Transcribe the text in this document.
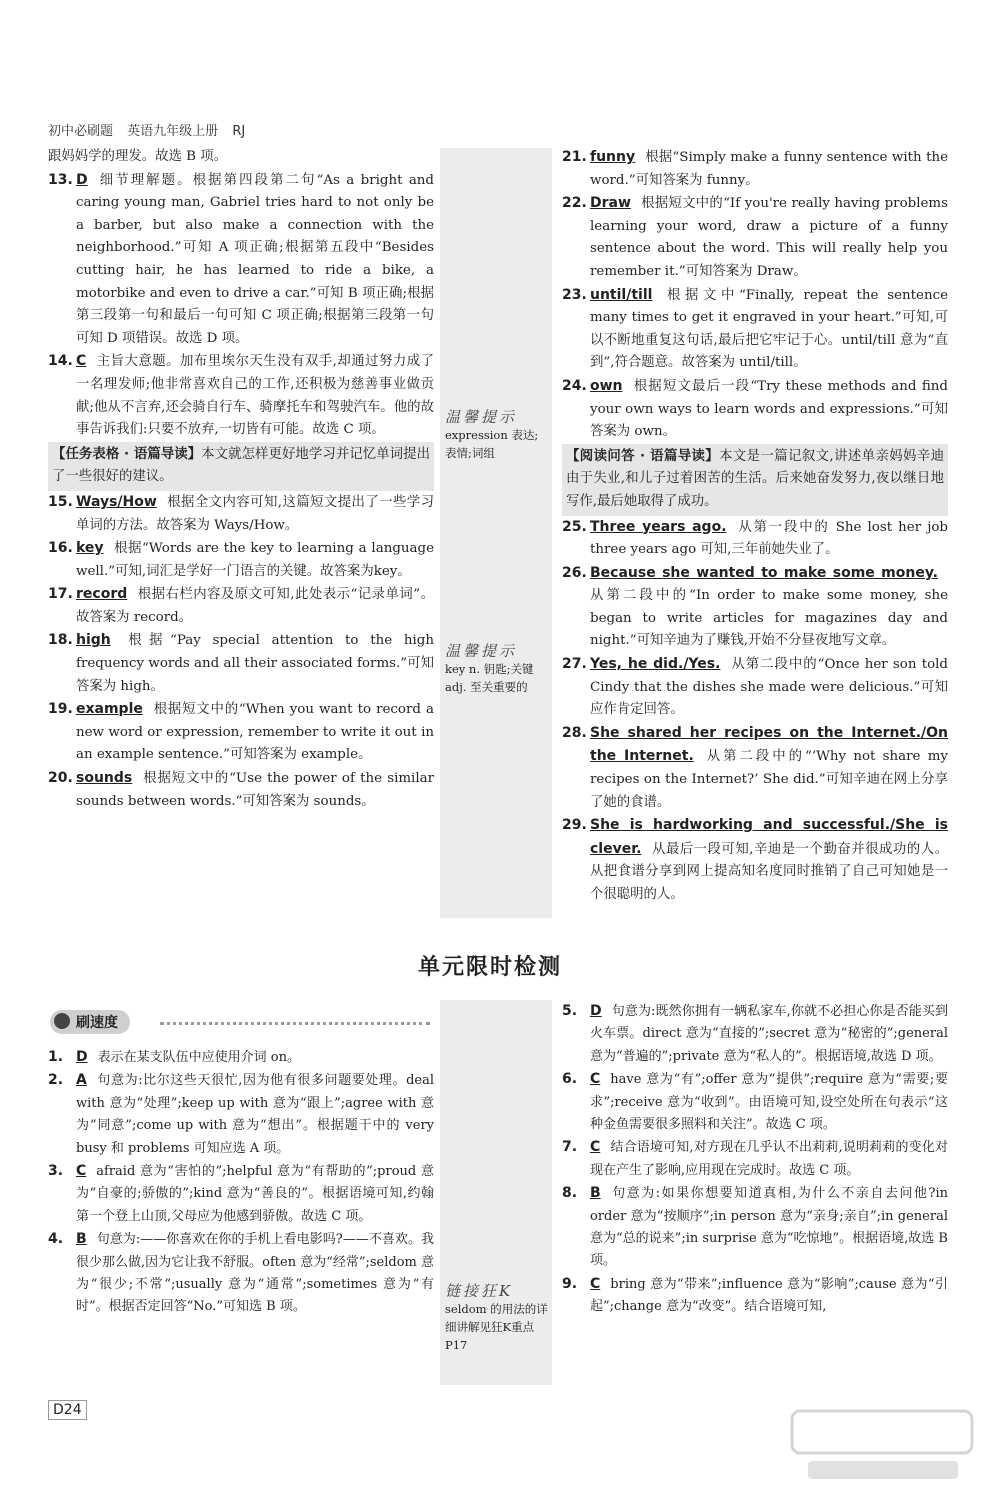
初中必刷题 英语九年级上册 RJ

跟妈妈学的理发。故选 B 项。

13. D 细节理解题。根据第四段第二句“As a bright and caring young man, Gabriel tries hard to not only be a barber, but also make a connection with the neighborhood.”可知 A 项正确;根据第五段中“Besides cutting hair, he has learned to ride a bike, a motorbike and even to drive a car.”可知 B 项正确;根据第三段第一句和最后一句可知 C 项正确;根据第三段第一句可知 D 项错误。故选 D 项。

14. C 主旨大意题。加布里埃尔天生没有双手,却通过努力成了一名理发师;他非常喜欢自己的工作,还积极为慈善事业做贡献;他从不言弃,还会骑自行车、骑摩托车和驾驶汽车。他的故事告诉我们:只要不放弃,一切皆有可能。故选 C 项。

【任务表格 · 语篇导读】本文就怎样更好地学习并记忆单词提出了一些很好的建议。

15. Ways/How 根据全文内容可知,这篇短文提出了一些学习单词的方法。故答案为 Ways/How。

16. key 根据“Words are the key to learning a language well.”可知,词汇是学好一门语言的关键。故答案为key。

17. record 根据右栏内容及原文可知,此处表示“记录单词”。故答案为 record。

18. high 根据“Pay special attention to the high frequency words and all their associated forms.”可知答案为 high。

19. example 根据短文中的“When you want to record a new word or expression, remember to write it out in an example sentence.”可知答案为 example。

20. sounds 根据短文中的“Use the power of the similar sounds between words.”可知答案为 sounds。

温馨提示
expression 表达;表情;词组
温馨提示
key n. 钥匙;关键 adj. 至关重要的
21. funny 根据“Simply make a funny sentence with the word.”可知答案为 funny。

22. Draw 根据短文中的“If you're really having problems learning your word, draw a picture of a funny sentence about the word. This will really help you remember it.”可知答案为 Draw。

23. until/till 根据文中“Finally, repeat the sentence many times to get it engraved in your heart.”可知,可以不断地重复这句话,最后把它牢记于心。until/till 意为“直到”,符合题意。故答案为 until/till。

24. own 根据短文最后一段“Try these methods and find your own ways to learn words and expressions.”可知答案为 own。

【阅读问答 · 语篇导读】本文是一篇记叙文,讲述单亲妈妈辛迪由于失业,和儿子过着困苦的生活。后来她奋发努力,夜以继日地写作,最后她取得了成功。

25. Three years ago. 从第一段中的 She lost her job three years ago 可知,三年前她失业了。

26. Because she wanted to make some money.从第二段中的“In order to make some money, she began to write articles for magazines day and night.”可知辛迪为了赚钱,开始不分昼夜地写文章。

27. Yes, he did./Yes. 从第二段中的“Once her son told Cindy that the dishes she made were delicious.”可知应作肯定回答。

28. She shared her recipes on the Internet./On the Internet. 从第二段中的“‘Why not share my recipes on the Internet?’ She did.”可知辛迪在网上分享了她的食谱。

29. She is hardworking and successful./She is clever. 从最后一段可知,辛迪是一个勤奋并很成功的人。从把食谱分享到网上提高知名度同时推销了自己可知她是一个很聪明的人。

单元限时检测
刷速度
1. D 表示在某支队伍中应使用介词 on。

2. A 句意为:比尔这些天很忙,因为他有很多问题要处理。deal with 意为“处理”;keep up with 意为“跟上”;agree with 意为“同意”;come up with 意为“想出”。根据题干中的 very busy 和 problems 可知应选 A 项。

3. C afraid 意为“害怕的”;helpful 意为“有帮助的”;proud 意为“自豪的;骄傲的”;kind 意为“善良的”。根据语境可知,约翰第一个登上山顶,父母应为他感到骄傲。故选 C 项。

4. B 句意为:——你喜欢在你的手机上看电影吗?——不喜欢。我很少那么做,因为它让我不舒服。often 意为“经常”;seldom 意为“很少;不常”;usually 意为“通常”;sometimes 意为“有时”。根据否定回答“No.”可知选 B 项。

链接狂K
seldom 的用法的详细讲解见狂K重点 P17
5. D 句意为:既然你拥有一辆私家车,你就不必担心你是否能买到火车票。direct 意为“直接的”;secret 意为“秘密的”;general 意为“普遍的”;private 意为“私人的”。根据语境,故选 D 项。

6. C have 意为“有”;offer 意为“提供”;require 意为“需要;要求”;receive 意为“收到”。由语境可知,设空处所在句表示“这种金鱼需要很多照料和关注”。故选 C 项。

7. C 结合语境可知,对方现在几乎认不出莉莉,说明莉莉的变化对现在产生了影响,应用现在完成时。故选 C 项。

8. B 句意为:如果你想要知道真相,为什么不亲自去问他?in order 意为“按顺序”;in person 意为“亲身;亲自”;in general 意为“总的说来”;in surprise 意为“吃惊地”。根据语境,故选 B 项。

9. C bring 意为“带来”;influence 意为“影响”;cause 意为“引起”;change 意为“改变”。结合语境可知,

D24
